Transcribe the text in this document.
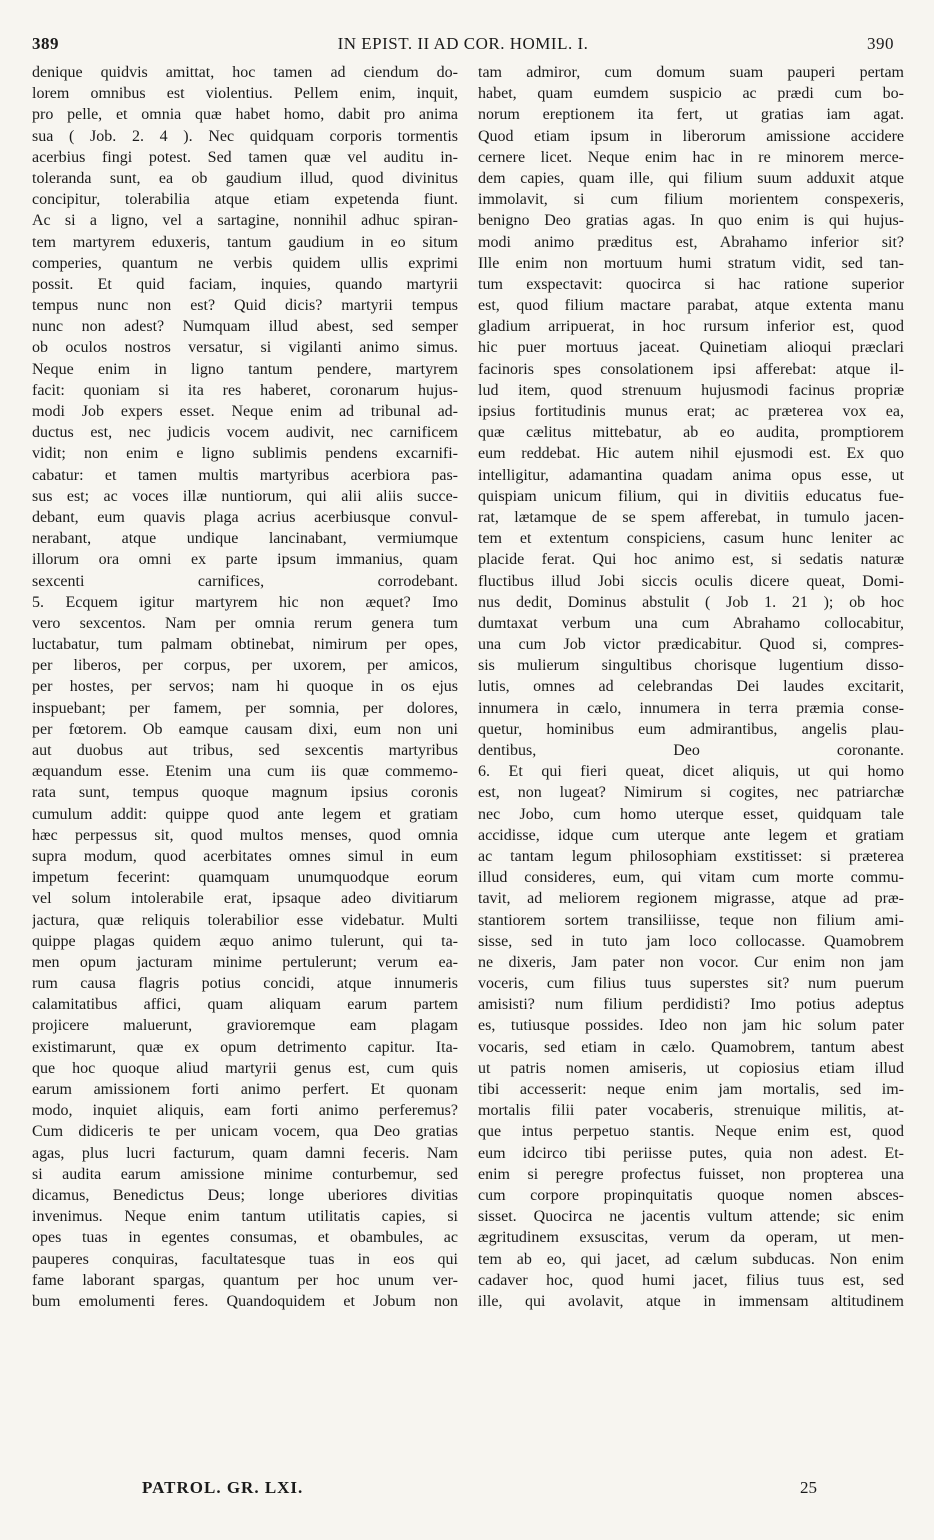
389	IN EPIST. II AD COR. HOMIL. I.	390
denique quidvis amittat, hoc tamen ad ciendum do-
lorem omnibus est violentius. Pellem enim, inquit,
pro pelle, et omnia quæ habet homo, dabit pro anima
sua ( Job. 2. 4 ). Nec quidquam corporis tormentis
acerbius fingi potest. Sed tamen quæ vel auditu in-
toleranda sunt, ea ob gaudium illud, quod divinitus
concipitur, tolerabilia atque etiam expetenda fiunt.
Ac si a ligno, vel a sartagine, nonnihil adhuc spiran-
tem martyrem eduxeris, tantum gaudium in eo situm
comperies, quantum ne verbis quidem ullis exprimi
possit. Et quid faciam, inquies, quando martyrii
tempus nunc non est? Quid dicis? martyrii tempus
nunc non adest? Numquam illud abest, sed semper
ob oculos nostros versatur, si vigilanti animo simus.
Neque enim in ligno tantum pendere, martyrem
facit: quoniam si ita res haberet, coronarum hujus-
modi Job expers esset. Neque enim ad tribunal ad-
ductus est, nec judicis vocem audivit, nec carnificem
vidit; non enim e ligno sublimis pendens excarnifi-
cabatur: et tamen multis martyribus acerbiora pas-
sus est; ac voces illæ nuntiorum, qui alii aliis succe-
debant, eum quavis plaga acrius acerbiusque convul-
nerabant, atque undique lancinabant, vermiumque
illorum ora omni ex parte ipsum immanius, quam
sexcenti carnifices, corrodebant.
5. Ecquem igitur martyrem hic non æquet? Imo
vero sexcentos. Nam per omnia rerum genera tum
luctabatur, tum palmam obtinebat, nimirum per opes,
per liberos, per corpus, per uxorem, per amicos,
per hostes, per servos; nam hi quoque in os ejus
inspuebant; per famem, per somnia, per dolores,
per fœtorem. Ob eamque causam dixi, eum non uni
aut duobus aut tribus, sed sexcentis martyribus
æquandum esse. Etenim una cum iis quæ commemo-
rata sunt, tempus quoque magnum ipsius coronis
cumulum addit: quippe quod ante legem et gratiam
hæc perpessus sit, quod multos menses, quod omnia
supra modum, quod acerbitates omnes simul in eum
impetum fecerint: quamquam unumquodque eorum
vel solum intolerabile erat, ipsaque adeo divitiarum
jactura, quæ reliquis tolerabilior esse videbatur. Multi
quippe plagas quidem æquo animo tulerunt, qui ta-
men opum jacturam minime pertulerunt; verum ea-
rum causa flagris potius concidi, atque innumeris
calamitatibus affici, quam aliquam earum partem
projicere maluerunt, gravioremque eam plagam
existimarunt, quæ ex opum detrimento capitur. Ita-
que hoc quoque aliud martyrii genus est, cum quis
earum amissionem forti animo perfert. Et quonam
modo, inquiet aliquis, eam forti animo perferemus?
Cum didiceris te per unicam vocem, qua Deo gratias
agas, plus lucri facturum, quam damni feceris. Nam
si audita earum amissione minime conturbemur, sed
dicamus, Benedictus Deus; longe uberiores divitias
invenimus. Neque enim tantum utilitatis capies, si
opes tuas in egentes consumas, et obambules, ac
pauperes conquiras, facultatesque tuas in eos qui
fame laborant spargas, quantum per hoc unum ver-
bum emolumenti feres. Quandoquidem et Jobum non
tam admiror, cum domum suam pauperi pertam
habet, quam eumdem suspicio ac prædi cum bo-
norum ereptionem ita fert, ut gratias iam agat.
Quod etiam ipsum in liberorum amissione accidere
cernere licet. Neque enim hac in re minorem merce-
dem capies, quam ille, qui filium suum adduxit atque
immolavit, si cum filium morientem conspexeris,
benigno Deo gratias agas. In quo enim is qui hujus-
modi animo præditus est, Abrahamo inferior sit?
Ille enim non mortuum humi stratum vidit, sed tan-
tum exspectavit: quocirca si hac ratione superior
est, quod filium mactare parabat, atque extenta manu
gladium arripuerat, in hoc rursum inferior est, quod
hic puer mortuus jaceat. Quinetiam alioqui præclari
facinoris spes consolationem ipsi afferebat: atque il-
lud item, quod strenuum hujusmodi facinus propriæ
ipsius fortitudinis munus erat; ac præterea vox ea,
quæ cælitus mittebatur, ab eo audita, promptiorem
eum reddebat. Hic autem nihil ejusmodi est. Ex quo
intelligitur, adamantina quadam anima opus esse, ut
quispiam unicum filium, qui in divitiis educatus fue-
rat, lætamque de se spem afferebat, in tumulo jacen-
tem et extentum conspiciens, casum hunc leniter ac
placide ferat. Qui hoc animo est, si sedatis naturæ
fluctibus illud Jobi siccis oculis dicere queat, Domi-
nus dedit, Dominus abstulit ( Job 1. 21 ); ob hoc
dumtaxat verbum una cum Abrahamo collocabitur,
una cum Job victor prædicabitur. Quod si, compres-
sis mulierum singultibus chorisque lugentium disso-
lutis, omnes ad celebrandas Dei laudes excitarit,
innumera in cælo, innumera in terra præmia conse-
quetur, hominibus eum admirantibus, angelis plau-
dentibus, Deo coronante.
6. Et qui fieri queat, dicet aliquis, ut qui homo
est, non lugeat? Nimirum si cogites, nec patriarchæ
nec Jobo, cum homo uterque esset, quidquam tale
accidisse, idque cum uterque ante legem et gratiam
ac tantam legum philosophiam exstitisset: si præterea
illud consideres, eum, qui vitam cum morte commu-
tavit, ad meliorem regionem migrasse, atque ad præ-
stantiorem sortem transiliisse, teque non filium ami-
sisse, sed in tuto jam loco collocasse. Quamobrem
ne dixeris, Jam pater non vocor. Cur enim non jam
voceris, cum filius tuus superstes sit? num puerum
amisisti? num filium perdidisti? Imo potius adeptus
es, tutiusque possides. Ideo non jam hic solum pater
vocaris, sed etiam in cælo. Quamobrem, tantum abest
ut patris nomen amiseris, ut copiosius etiam illud
tibi accesserit: neque enim jam mortalis, sed im-
mortalis filii pater vocaberis, strenuique militis, at-
que intus perpetuo stantis. Neque enim est, quod
eum idcirco tibi periisse putes, quia non adest. Et-
enim si peregre profectus fuisset, non propterea una
cum corpore propinquitatis quoque nomen absces-
sisset. Quocirca ne jacentis vultum attende; sic enim
ægritudinem exsuscitas, verum da operam, ut men-
tem ab eo, qui jacet, ad cælum subducas. Non enim
cadaver hoc, quod humi jacet, filius tuus est, sed
ille, qui avolavit, atque in immensam altitudinem
PATROL. GR. LXI.	25
